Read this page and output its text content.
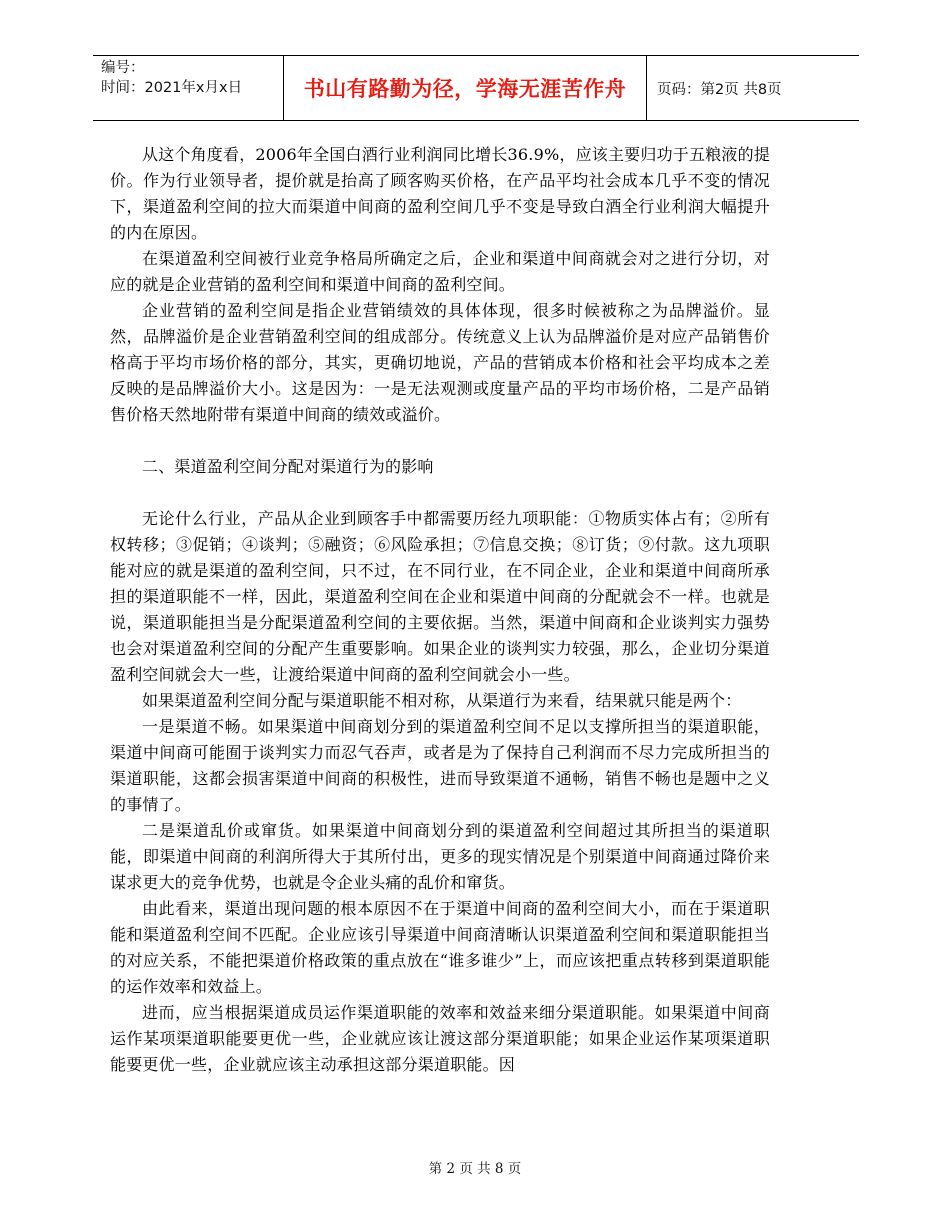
编号：
时间：2021年x月x日	书山有路勤为径，学海无涯苦作舟	页码：第2页 共8页

从这个角度看，2006年全国白酒行业利润同比增长36.9%，应该主要归功于五粮液的提价。作为行业领导者，提价就是抬高了顾客购买价格，在产品平均社会成本几乎不变的情况下，渠道盈利空间的拉大而渠道中间商的盈利空间几乎不变是导致白酒全行业利润大幅提升的内在原因。

在渠道盈利空间被行业竞争格局所确定之后，企业和渠道中间商就会对之进行分切，对应的就是企业营销的盈利空间和渠道中间商的盈利空间。

企业营销的盈利空间是指企业营销绩效的具体体现，很多时候被称之为品牌溢价。显然，品牌溢价是企业营销盈利空间的组成部分。传统意义上认为品牌溢价是对应产品销售价格高于平均市场价格的部分，其实，更确切地说，产品的营销成本价格和社会平均成本之差反映的是品牌溢价大小。这是因为：一是无法观测或度量产品的平均市场价格，二是产品销售价格天然地附带有渠道中间商的绩效或溢价。

二、渠道盈利空间分配对渠道行为的影响

无论什么行业，产品从企业到顾客手中都需要历经九项职能：①物质实体占有；②所有权转移；③促销；④谈判；⑤融资；⑥风险承担；⑦信息交换；⑧订货；⑨付款。这九项职能对应的就是渠道的盈利空间，只不过，在不同行业，在不同企业，企业和渠道中间商所承担的渠道职能不一样，因此，渠道盈利空间在企业和渠道中间商的分配就会不一样。也就是说，渠道职能担当是分配渠道盈利空间的主要依据。当然，渠道中间商和企业谈判实力强势也会对渠道盈利空间的分配产生重要影响。如果企业的谈判实力较强，那么，企业切分渠道盈利空间就会大一些，让渡给渠道中间商的盈利空间就会小一些。

如果渠道盈利空间分配与渠道职能不相对称，从渠道行为来看，结果就只能是两个：

一是渠道不畅。如果渠道中间商划分到的渠道盈利空间不足以支撑所担当的渠道职能，渠道中间商可能囿于谈判实力而忍气吞声，或者是为了保持自己利润而不尽力完成所担当的渠道职能，这都会损害渠道中间商的积极性，进而导致渠道不通畅，销售不畅也是题中之义的事情了。

二是渠道乱价或窜货。如果渠道中间商划分到的渠道盈利空间超过其所担当的渠道职能，即渠道中间商的利润所得大于其所付出，更多的现实情况是个别渠道中间商通过降价来谋求更大的竞争优势，也就是令企业头痛的乱价和窜货。

由此看来，渠道出现问题的根本原因不在于渠道中间商的盈利空间大小，而在于渠道职能和渠道盈利空间不匹配。企业应该引导渠道中间商清晰认识渠道盈利空间和渠道职能担当的对应关系，不能把渠道价格政策的重点放在“谁多谁少”上，而应该把重点转移到渠道职能的运作效率和效益上。

进而，应当根据渠道成员运作渠道职能的效率和效益来细分渠道职能。如果渠道中间商运作某项渠道职能要更优一些，企业就应该让渡这部分渠道职能；如果企业运作某项渠道职能要更优一些，企业就应该主动承担这部分渠道职能。因

第 2 页 共 8 页
